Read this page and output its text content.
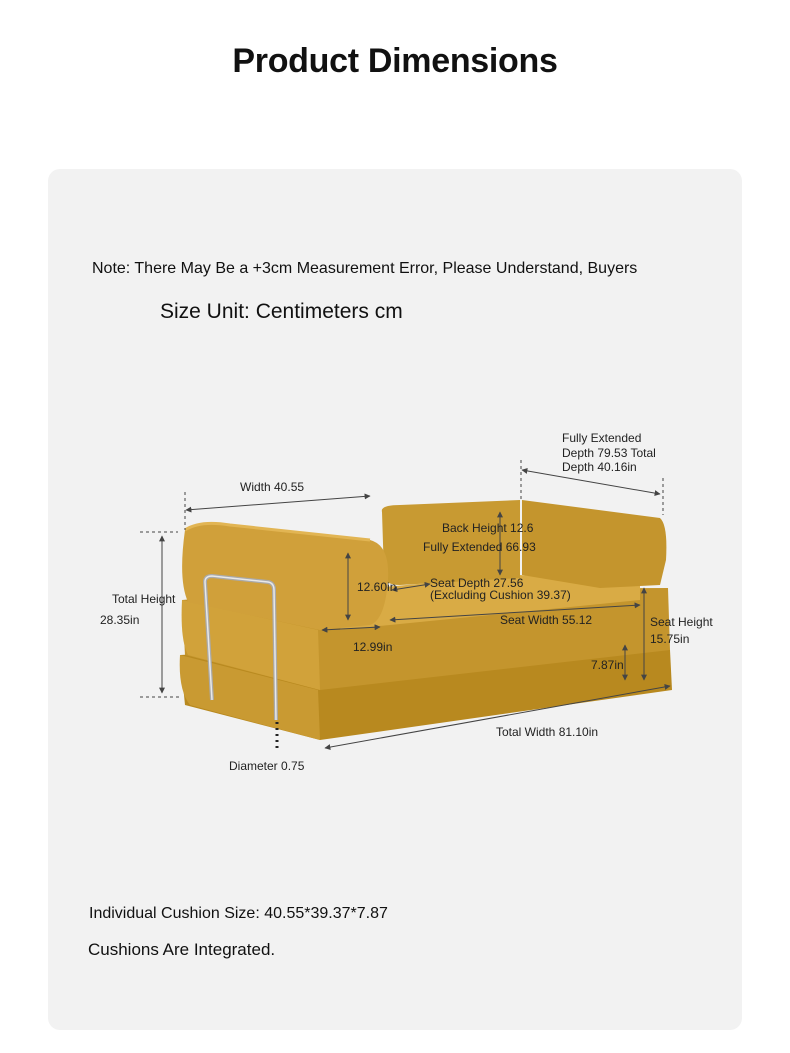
Product Dimensions
Note: There May Be a +3cm Measurement Error, Please Understand, Buyers
Size Unit: Centimeters cm
Width 40.55
Fully Extended
Depth 79.53 Total
Depth 40.16in
Back Height 12.6
Fully Extended 66.93
12.60in	Seat Depth 27.56
(Excluding Cushion 39.37)
Total Height
28.35in	Seat Width 55.12	Seat Height
15.75in
12.99in
7.87in
Total Width 81.10in
Diameter 0.75
Individual Cushion Size: 40.55*39.37*7.87
Cushions Are Integrated.
